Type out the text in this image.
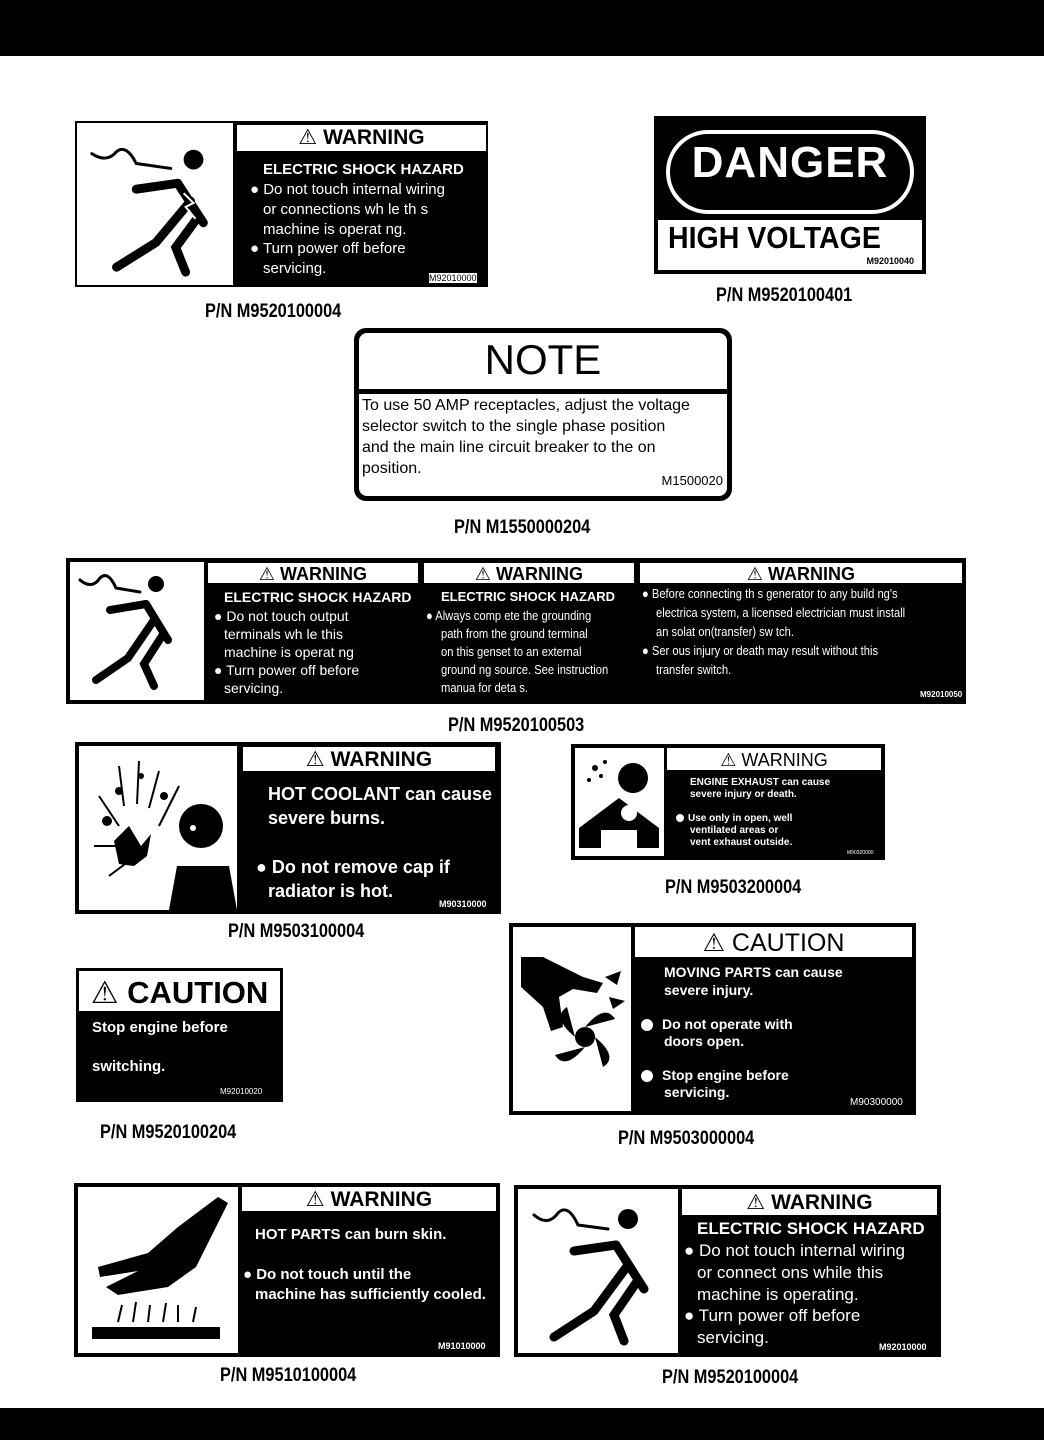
⚠ WARNING
ELECTRIC SHOCK HAZARD
● Do not touch internal wiring
or connections wh le th s
machine is operat ng.
● Turn power off before
servicing.
M92010000
P/N M9520100004
DANGER
HIGH VOLTAGE
M92010040
P/N M9520100401
NOTE
To use 50 AMP receptacles, adjust the voltage
selector switch to the single phase position
and the main line circuit breaker to the on
position.
M1500020
P/N M1550000204
⚠ WARNING	⚠ WARNING	⚠ WARNING
ELECTRIC SHOCK HAZARD
● Do not touch output
terminals wh le this
machine is operat ng
● Turn power off before
servicing.
ELECTRIC SHOCK HAZARD
● Always comp ete the grounding
path from the ground terminal
on this genset to an external
ground ng source. See instruction
manua for deta s.
● Before connecting th s generator to any build ng's
electrica system, a licensed electrician must install
an solat on(transfer) sw tch.
● Ser ous injury or death may result without this
transfer switch.
M92010050
P/N M9520100503
⚠ WARNING
HOT COOLANT can cause
severe burns.
● Do not remove cap if
radiator is hot.
M90310000
P/N M9503100004
⚠ WARNING
ENGINE EXHAUST can cause
severe injury or death.
Use only in open, well
ventilated areas or
vent exhaust outside.
M90320000
P/N M9503200004
⚠ CAUTION
Stop engine before
switching.
M92010020
P/N M9520100204
⚠ CAUTION
MOVING PARTS can cause
severe injury.
Do not operate with
doors open.
Stop engine before
servicing.
M90300000
P/N M9503000004
⚠ WARNING
HOT PARTS can burn skin.
● Do not touch until the
machine has sufficiently cooled.
M91010000
P/N M9510100004
⚠ WARNING
ELECTRIC SHOCK HAZARD
● Do not touch internal wiring
or connect ons while this
machine is operating.
● Turn power off before
servicing.	M92010000
P/N M9520100004
